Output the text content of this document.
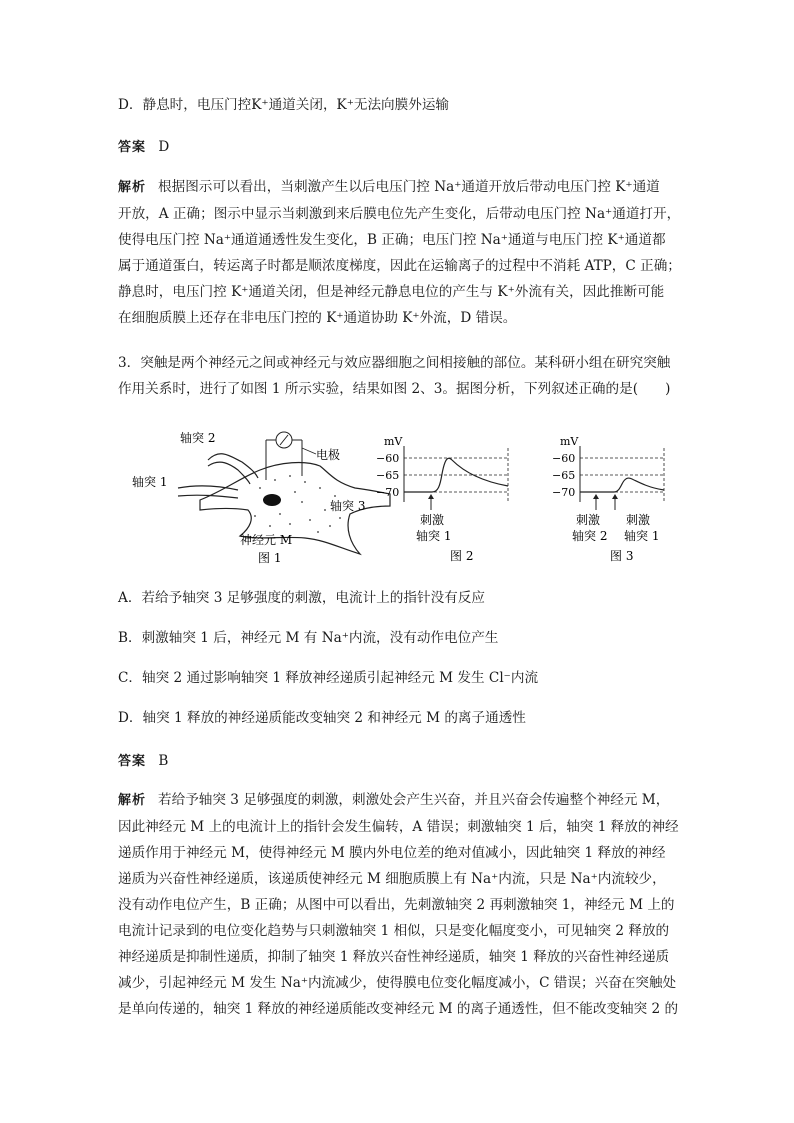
D．静息时，电压门控K⁺通道关闭，K⁺无法向膜外运输
答案 D
解析 根据图示可以看出，当刺激产生以后电压门控 Na⁺通道开放后带动电压门控 K⁺通道
开放，A 正确；图示中显示当刺激到来后膜电位先产生变化，后带动电压门控 Na⁺通道打开，
使得电压门控 Na⁺通道通透性发生变化，B 正确；电压门控 Na⁺通道与电压门控 K⁺通道都
属于通道蛋白，转运离子时都是顺浓度梯度，因此在运输离子的过程中不消耗 ATP，C 正确；
静息时，电压门控 K⁺通道关闭，但是神经元静息电位的产生与 K⁺外流有关，因此推断可能
在细胞质膜上还存在非电压门控的 K⁺通道协助 K⁺外流，D 错误。
3．突触是两个神经元之间或神经元与效应器细胞之间相接触的部位。某科研小组在研究突触
作用关系时，进行了如图 1 所示实验，结果如图 2、3。据图分析，下列叙述正确的是(　　)
电极
轴突 2
轴突 1
轴突 3
神经元 M
图 1
mV
−60
−65
−70
刺激
轴突 1
图 2
mV
−60
−65
−70
刺激
轴突 2
刺激
轴突 1
图 3
A．若给予轴突 3 足够强度的刺激，电流计上的指针没有反应
B．刺激轴突 1 后，神经元 M 有 Na⁺内流，没有动作电位产生
C．轴突 2 通过影响轴突 1 释放神经递质引起神经元 M 发生 Cl⁻内流
D．轴突 1 释放的神经递质能改变轴突 2 和神经元 M 的离子通透性
答案 B
解析 若给予轴突 3 足够强度的刺激，刺激处会产生兴奋，并且兴奋会传遍整个神经元 M，
因此神经元 M 上的电流计上的指针会发生偏转，A 错误；刺激轴突 1 后，轴突 1 释放的神经
递质作用于神经元 M，使得神经元 M 膜内外电位差的绝对值减小，因此轴突 1 释放的神经
递质为兴奋性神经递质，该递质使神经元 M 细胞质膜上有 Na⁺内流，只是 Na⁺内流较少，
没有动作电位产生，B 正确；从图中可以看出，先刺激轴突 2 再刺激轴突 1，神经元 M 上的
电流计记录到的电位变化趋势与只刺激轴突 1 相似，只是变化幅度变小，可见轴突 2 释放的
神经递质是抑制性递质，抑制了轴突 1 释放兴奋性神经递质，轴突 1 释放的兴奋性神经递质
减少，引起神经元 M 发生 Na⁺内流减少，使得膜电位变化幅度减小，C 错误；兴奋在突触处
是单向传递的，轴突 1 释放的神经递质能改变神经元 M 的离子通透性，但不能改变轴突 2 的
